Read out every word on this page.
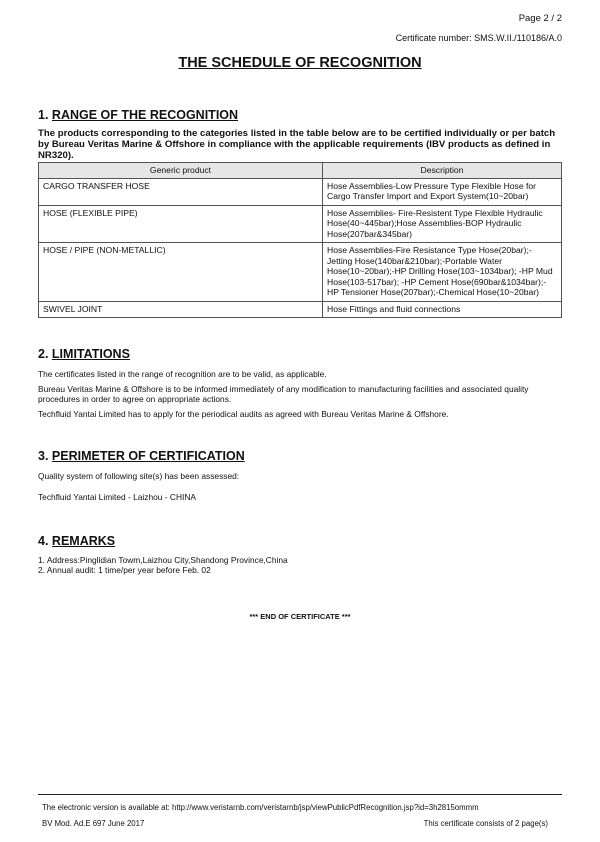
Page 2 / 2
Certificate number: SMS.W.II./110186/A.0
THE SCHEDULE OF RECOGNITION
1. RANGE OF THE RECOGNITION
The products corresponding to the categories listed in the table below are to be certified individually or per batch by Bureau Veritas Marine & Offshore in compliance with the applicable requirements (IBV products as defined in NR320).
Generic product	Description
CARGO TRANSFER HOSE	Hose Assemblies-Low Pressure Type Flexible Hose for Cargo Transfer Import and Export System(10~20bar)
HOSE (FLEXIBLE PIPE)	Hose Assemblies- Fire-Resistent Type Flexible Hydraulic Hose(40~445bar);Hose Assemblies-BOP Hydraulic Hose(207bar&345bar)
HOSE / PIPE (NON-METALLIC)	Hose Assemblies-Fire Resistance Type Hose(20bar);-Jetting Hose(140bar&210bar);-Portable Water Hose(10~20bar);-HP Drilling Hose(103~1034bar); -HP Mud Hose(103-517bar); -HP Cement Hose(690bar&1034bar);-HP Tensioner Hose(207bar);-Chemical Hose(10~20bar)
SWIVEL JOINT	Hose Fittings and fluid connections
2. LIMITATIONS

The certificates listed in the range of recognition are to be valid, as applicable.

Bureau Veritas Marine & Offshore is to be informed immediately of any modification to manufacturing facilities and associated quality procedures in order to agree on appropriate actions.

Techfluid Yantai Limited has to apply for the periodical audits as agreed with Bureau Veritas Marine & Offshore.

3. PERIMETER OF CERTIFICATION

Quality system of following site(s) has been assessed:

Techfluid Yantai Limited - Laizhou - CHINA

4. REMARKS

1. Address:Pinglidian Towm,Laizhou City,Shandong Province,China

2. Annual audit: 1 time/per year before Feb. 02

*** END OF CERTIFICATE ***
The electronic version is available at: http://www.veristarnb.com/veristarnb/jsp/viewPublicPdfRecognition.jsp?id=3h2815ommm
BV Mod. Ad.E 697 June 2017	This certificate consists of 2 page(s)
